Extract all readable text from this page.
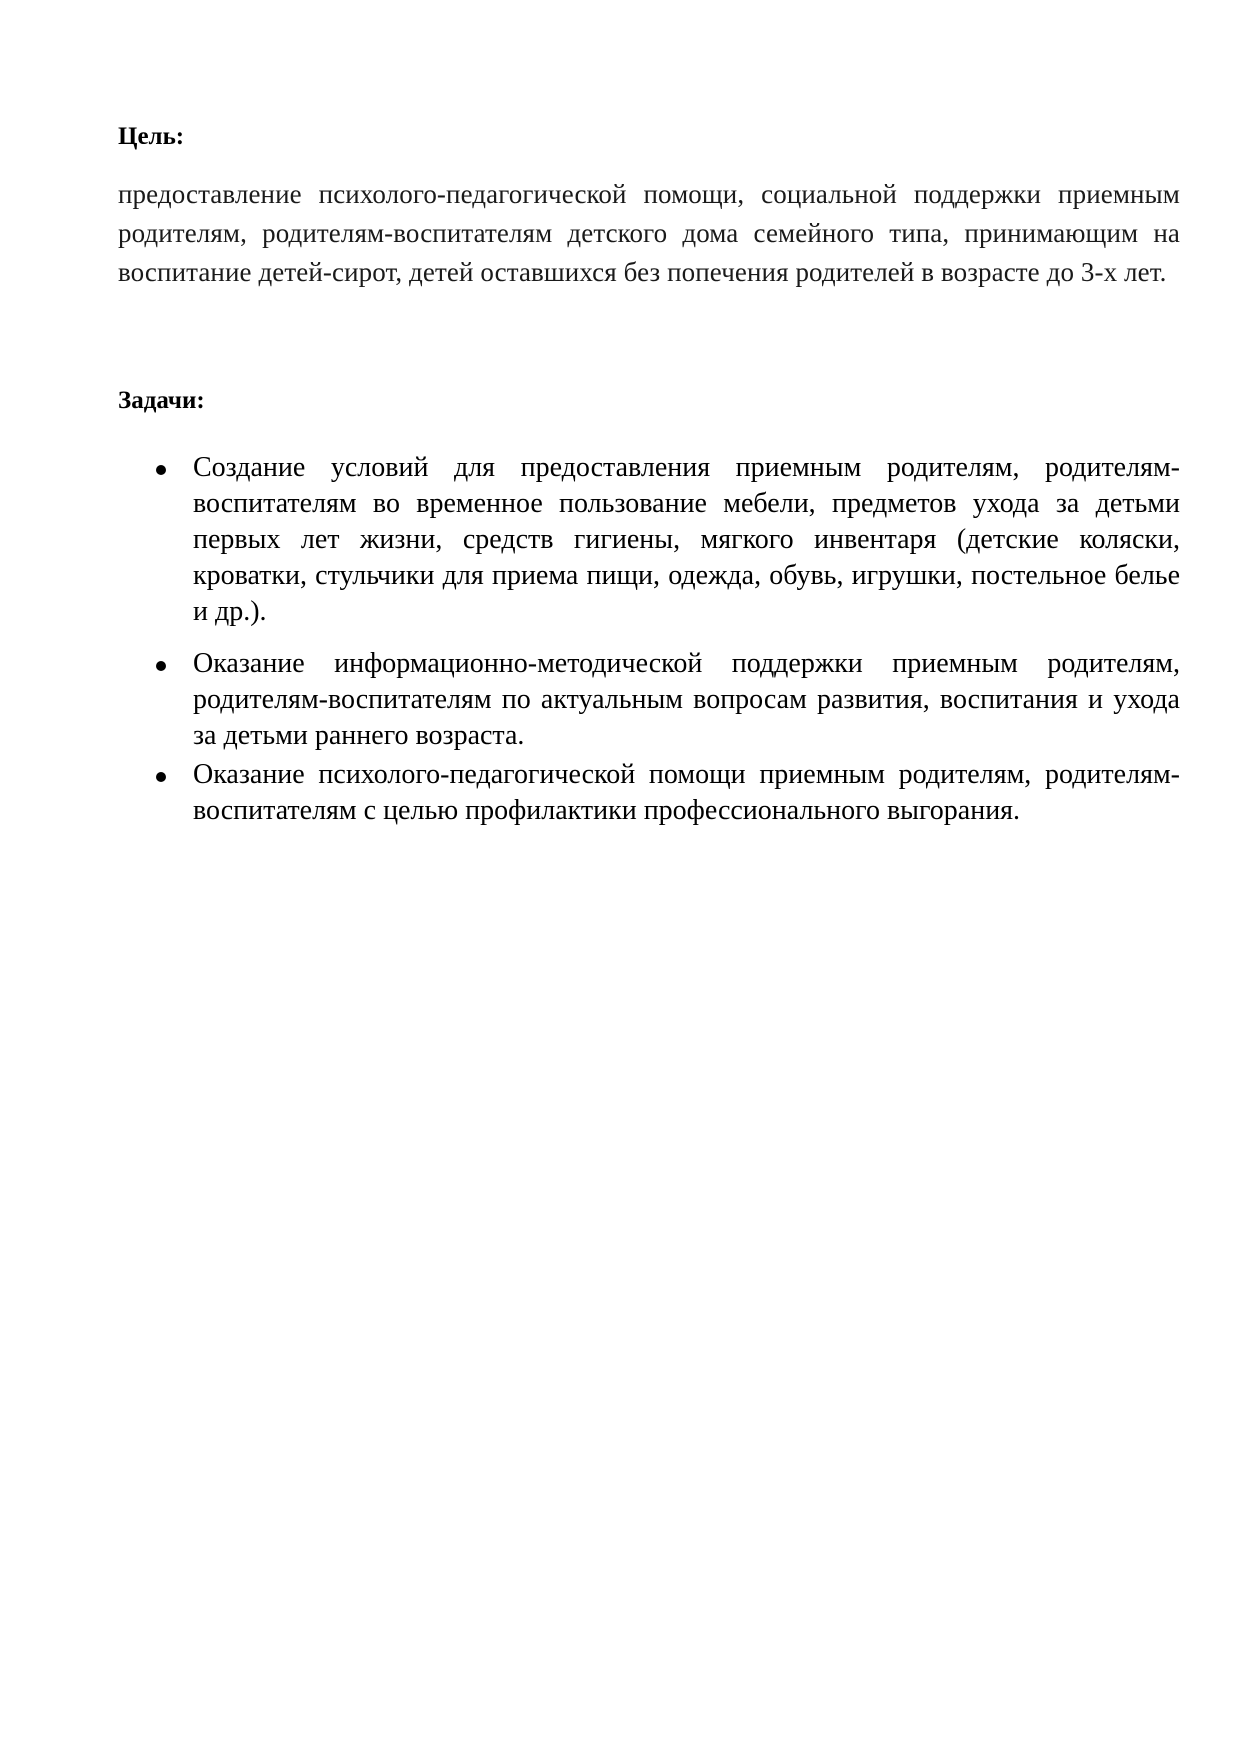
Цель:

предоставление психолого-педагогической помощи, социальной поддержки приемным родителям, родителям-воспитателям детского дома семейного типа, принимающим на воспитание детей-сирот, детей оставшихся без попечения родителей в возрасте до 3-х лет.

Задачи:
Создание условий для предоставления приемным родителям, родителям-воспитателям во временное пользование мебели, предметов ухода за детьми первых лет жизни, средств гигиены, мягкого инвентаря (детские коляски, кроватки, стульчики для приема пищи, одежда, обувь, игрушки, постельное белье и др.).
Оказание информационно-методической поддержки приемным родителям, родителям-воспитателям по актуальным вопросам развития, воспитания и ухода за детьми раннего возраста.
Оказание психолого-педагогической помощи приемным родителям, родителям-воспитателям с целью профилактики профессионального выгорания.
